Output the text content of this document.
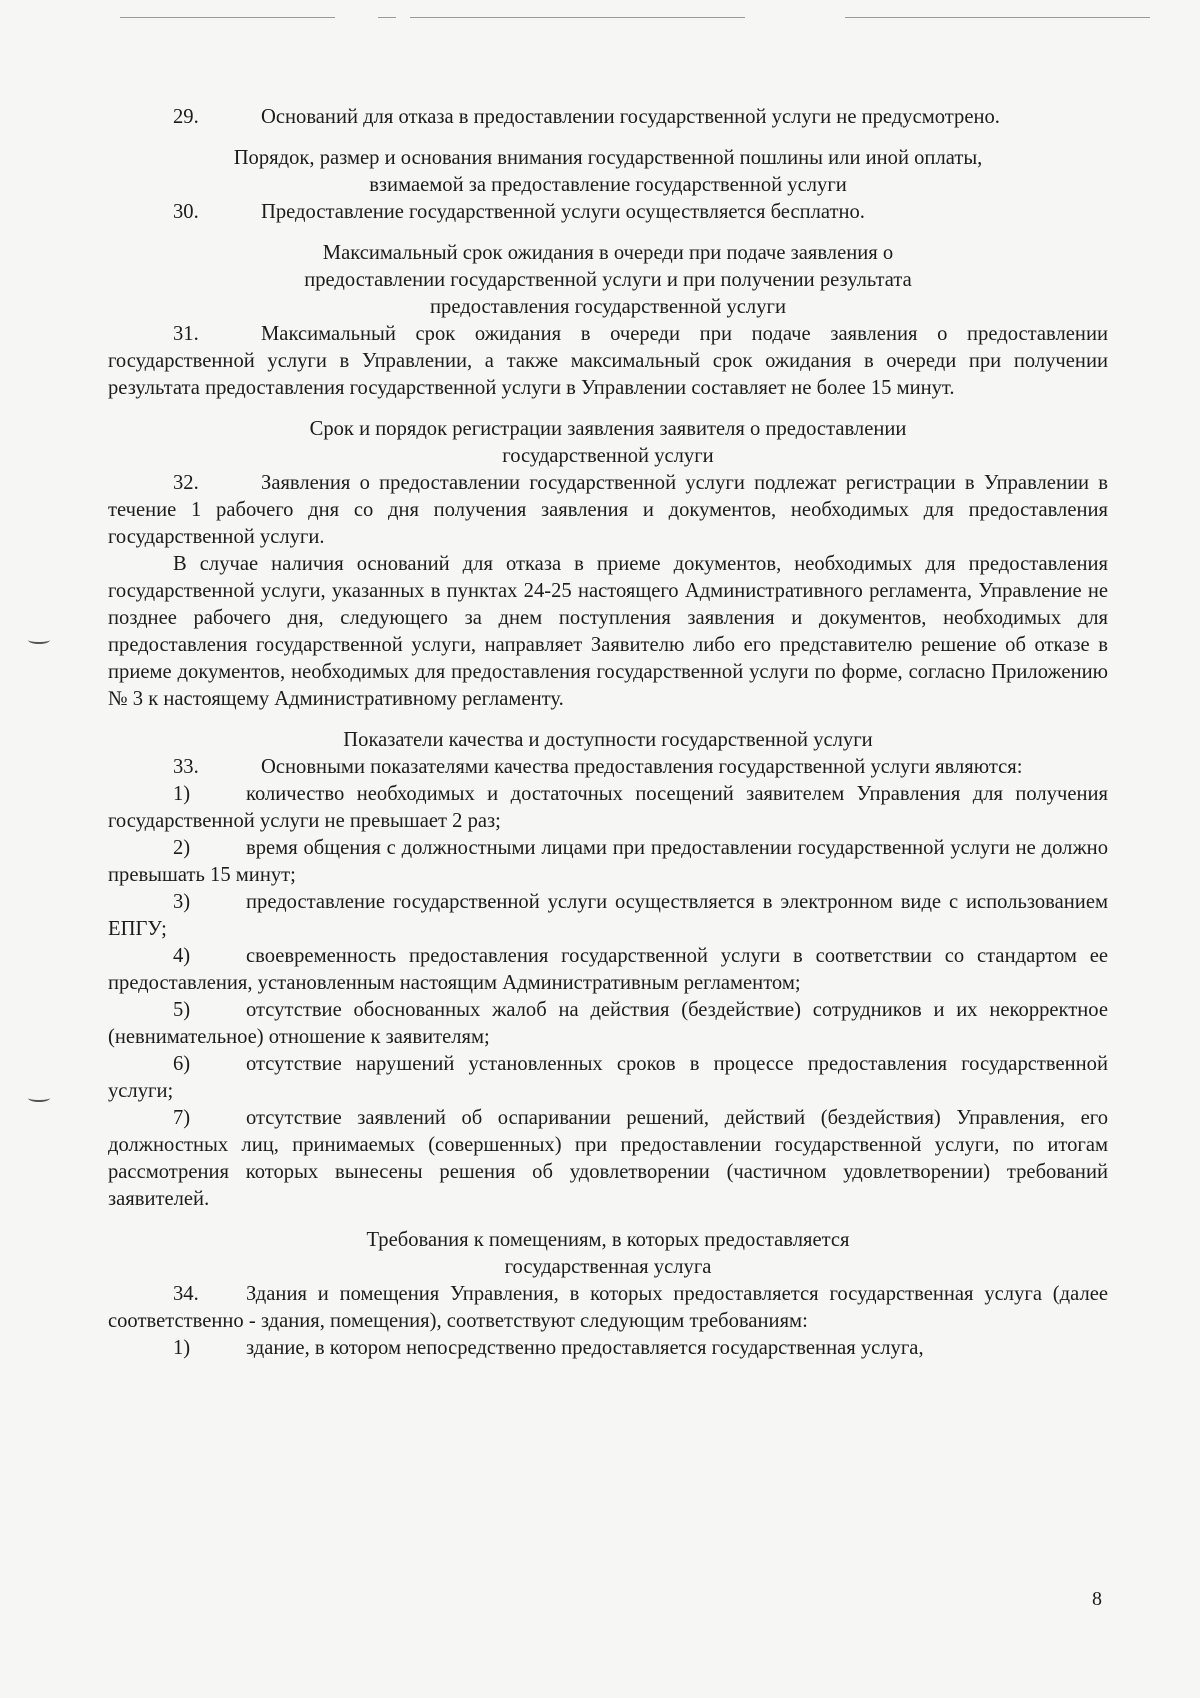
29.	Оснований для отказа в предоставлении государственной услуги не предусмотрено.

Порядок, размер и основания внимания государственной пошлины или иной оплаты,
взимаемой за предоставление государственной услуги

30.	Предоставление государственной услуги осуществляется бесплатно.

Максимальный срок ожидания в очереди при подаче заявления о
предоставлении государственной услуги и при получении результата
предоставления государственной услуги

31.	Максимальный срок ожидания в очереди при подаче заявления о предоставлении государственной услуги в Управлении, а также максимальный срок ожидания в очереди при получении результата предоставления государственной услуги в Управлении составляет не более 15 минут.

Срок и порядок регистрации заявления заявителя о предоставлении
государственной услуги

32.	Заявления о предоставлении государственной услуги подлежат регистрации в Управлении в течение 1 рабочего дня со дня получения заявления и документов, необходимых для предоставления государственной услуги.

В случае наличия оснований для отказа в приеме документов, необходимых для предоставления государственной услуги, указанных в пунктах 24-25 настоящего Административного регламента, Управление не позднее рабочего дня, следующего за днем поступления заявления и документов, необходимых для предоставления государственной услуги, направляет Заявителю либо его представителю решение об отказе в приеме документов, необходимых для предоставления государственной услуги по форме, согласно Приложению № 3 к настоящему Административному регламенту.

Показатели качества и доступности государственной услуги

33.	Основными показателями качества предоставления государственной услуги являются:

1)	количество необходимых и достаточных посещений заявителем Управления для получения государственной услуги не превышает 2 раз;

2)	время общения с должностными лицами при предоставлении государственной услуги не должно превышать 15 минут;

3)	предоставление государственной услуги осуществляется в электронном виде с использованием ЕПГУ;

4)	своевременность предоставления государственной услуги в соответствии со стандартом ее предоставления, установленным настоящим Административным регламентом;

5)	отсутствие обоснованных жалоб на действия (бездействие) сотрудников и их некорректное (невнимательное) отношение к заявителям;

6)	отсутствие нарушений установленных сроков в процессе предоставления государственной услуги;

7)	отсутствие заявлений об оспаривании решений, действий (бездействия) Управления, его должностных лиц, принимаемых (совершенных) при предоставлении государственной услуги, по итогам рассмотрения которых вынесены решения об удовлетворении (частичном удовлетворении) требований заявителей.

Требования к помещениям, в которых предоставляется
государственная услуга

34. Здания и помещения Управления, в которых предоставляется государственная услуга (далее соответственно - здания, помещения), соответствуют следующим требованиям:

1)	здание, в котором непосредственно предоставляется государственная услуга,

8
